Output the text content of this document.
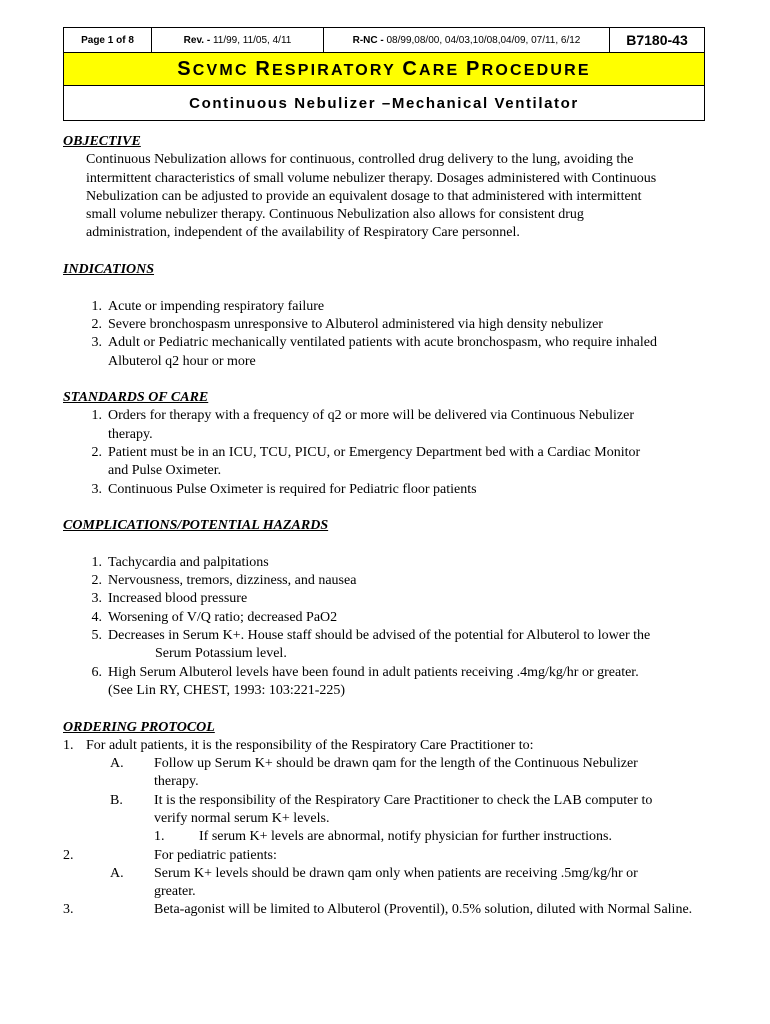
Page 1 of 8	Rev. -
11/99, 11/05, 4/11	R-NC -
08/99,08/00, 04/03,10/08,04/09, 07/11, 6/12	B7180-43
SCVMC RESPIRATORY CARE PROCEDURE
Continuous Nebulizer –Mechanical Ventilator
OBJECTIVE
Continuous Nebulization allows for continuous, controlled drug delivery to the lung, avoiding the
intermittent characteristics of small volume nebulizer therapy. Dosages administered with Continuous
Nebulization can be adjusted to provide an equivalent dosage to that administered with intermittent
small volume nebulizer therapy. Continuous Nebulization also allows for consistent drug
administration, independent of the availability of Respiratory Care personnel.
INDICATIONS
1. Acute or impending respiratory failure
2. Severe bronchospasm unresponsive to Albuterol administered via high density nebulizer
3. Adult or Pediatric mechanically ventilated patients with acute bronchospasm, who require inhaled
Albuterol q2 hour or more
STANDARDS OF CARE
1. Orders for therapy with a frequency of q2 or more will be delivered via Continuous Nebulizer
therapy.
2. Patient must be in an ICU, TCU, PICU, or Emergency Department bed with a Cardiac Monitor
and Pulse Oximeter.
3. Continuous Pulse Oximeter is required for Pediatric floor patients
COMPLICATIONS/POTENTIAL HAZARDS
1. Tachycardia and palpitations
2. Nervousness, tremors, dizziness, and nausea
3. Increased blood pressure
4. Worsening of V/Q ratio; decreased PaO2
5. Decreases in Serum K+. House staff should be advised of the potential for Albuterol to lower the
Serum Potassium level.
6. High Serum Albuterol levels have been found in adult patients receiving .4mg/kg/hr or greater.
(See Lin RY, CHEST, 1993: 103:221-225)
ORDERING PROTOCOL
1. For adult patients, it is the responsibility of the Respiratory Care Practitioner to:
A.	Follow up Serum K+ should be drawn qam for the length of the Continuous Nebulizer
therapy.
B.	It is the responsibility of the Respiratory Care Practitioner to check the LAB computer to
verify normal serum K+ levels.
1.	If serum K+ levels are abnormal, notify physician for further instructions.
2.	For pediatric patients:
A.	Serum K+ levels should be drawn qam only when patients are receiving .5mg/kg/hr or
greater.
3.	Beta-agonist will be limited to Albuterol (Proventil), 0.5% solution, diluted with Normal Saline.
